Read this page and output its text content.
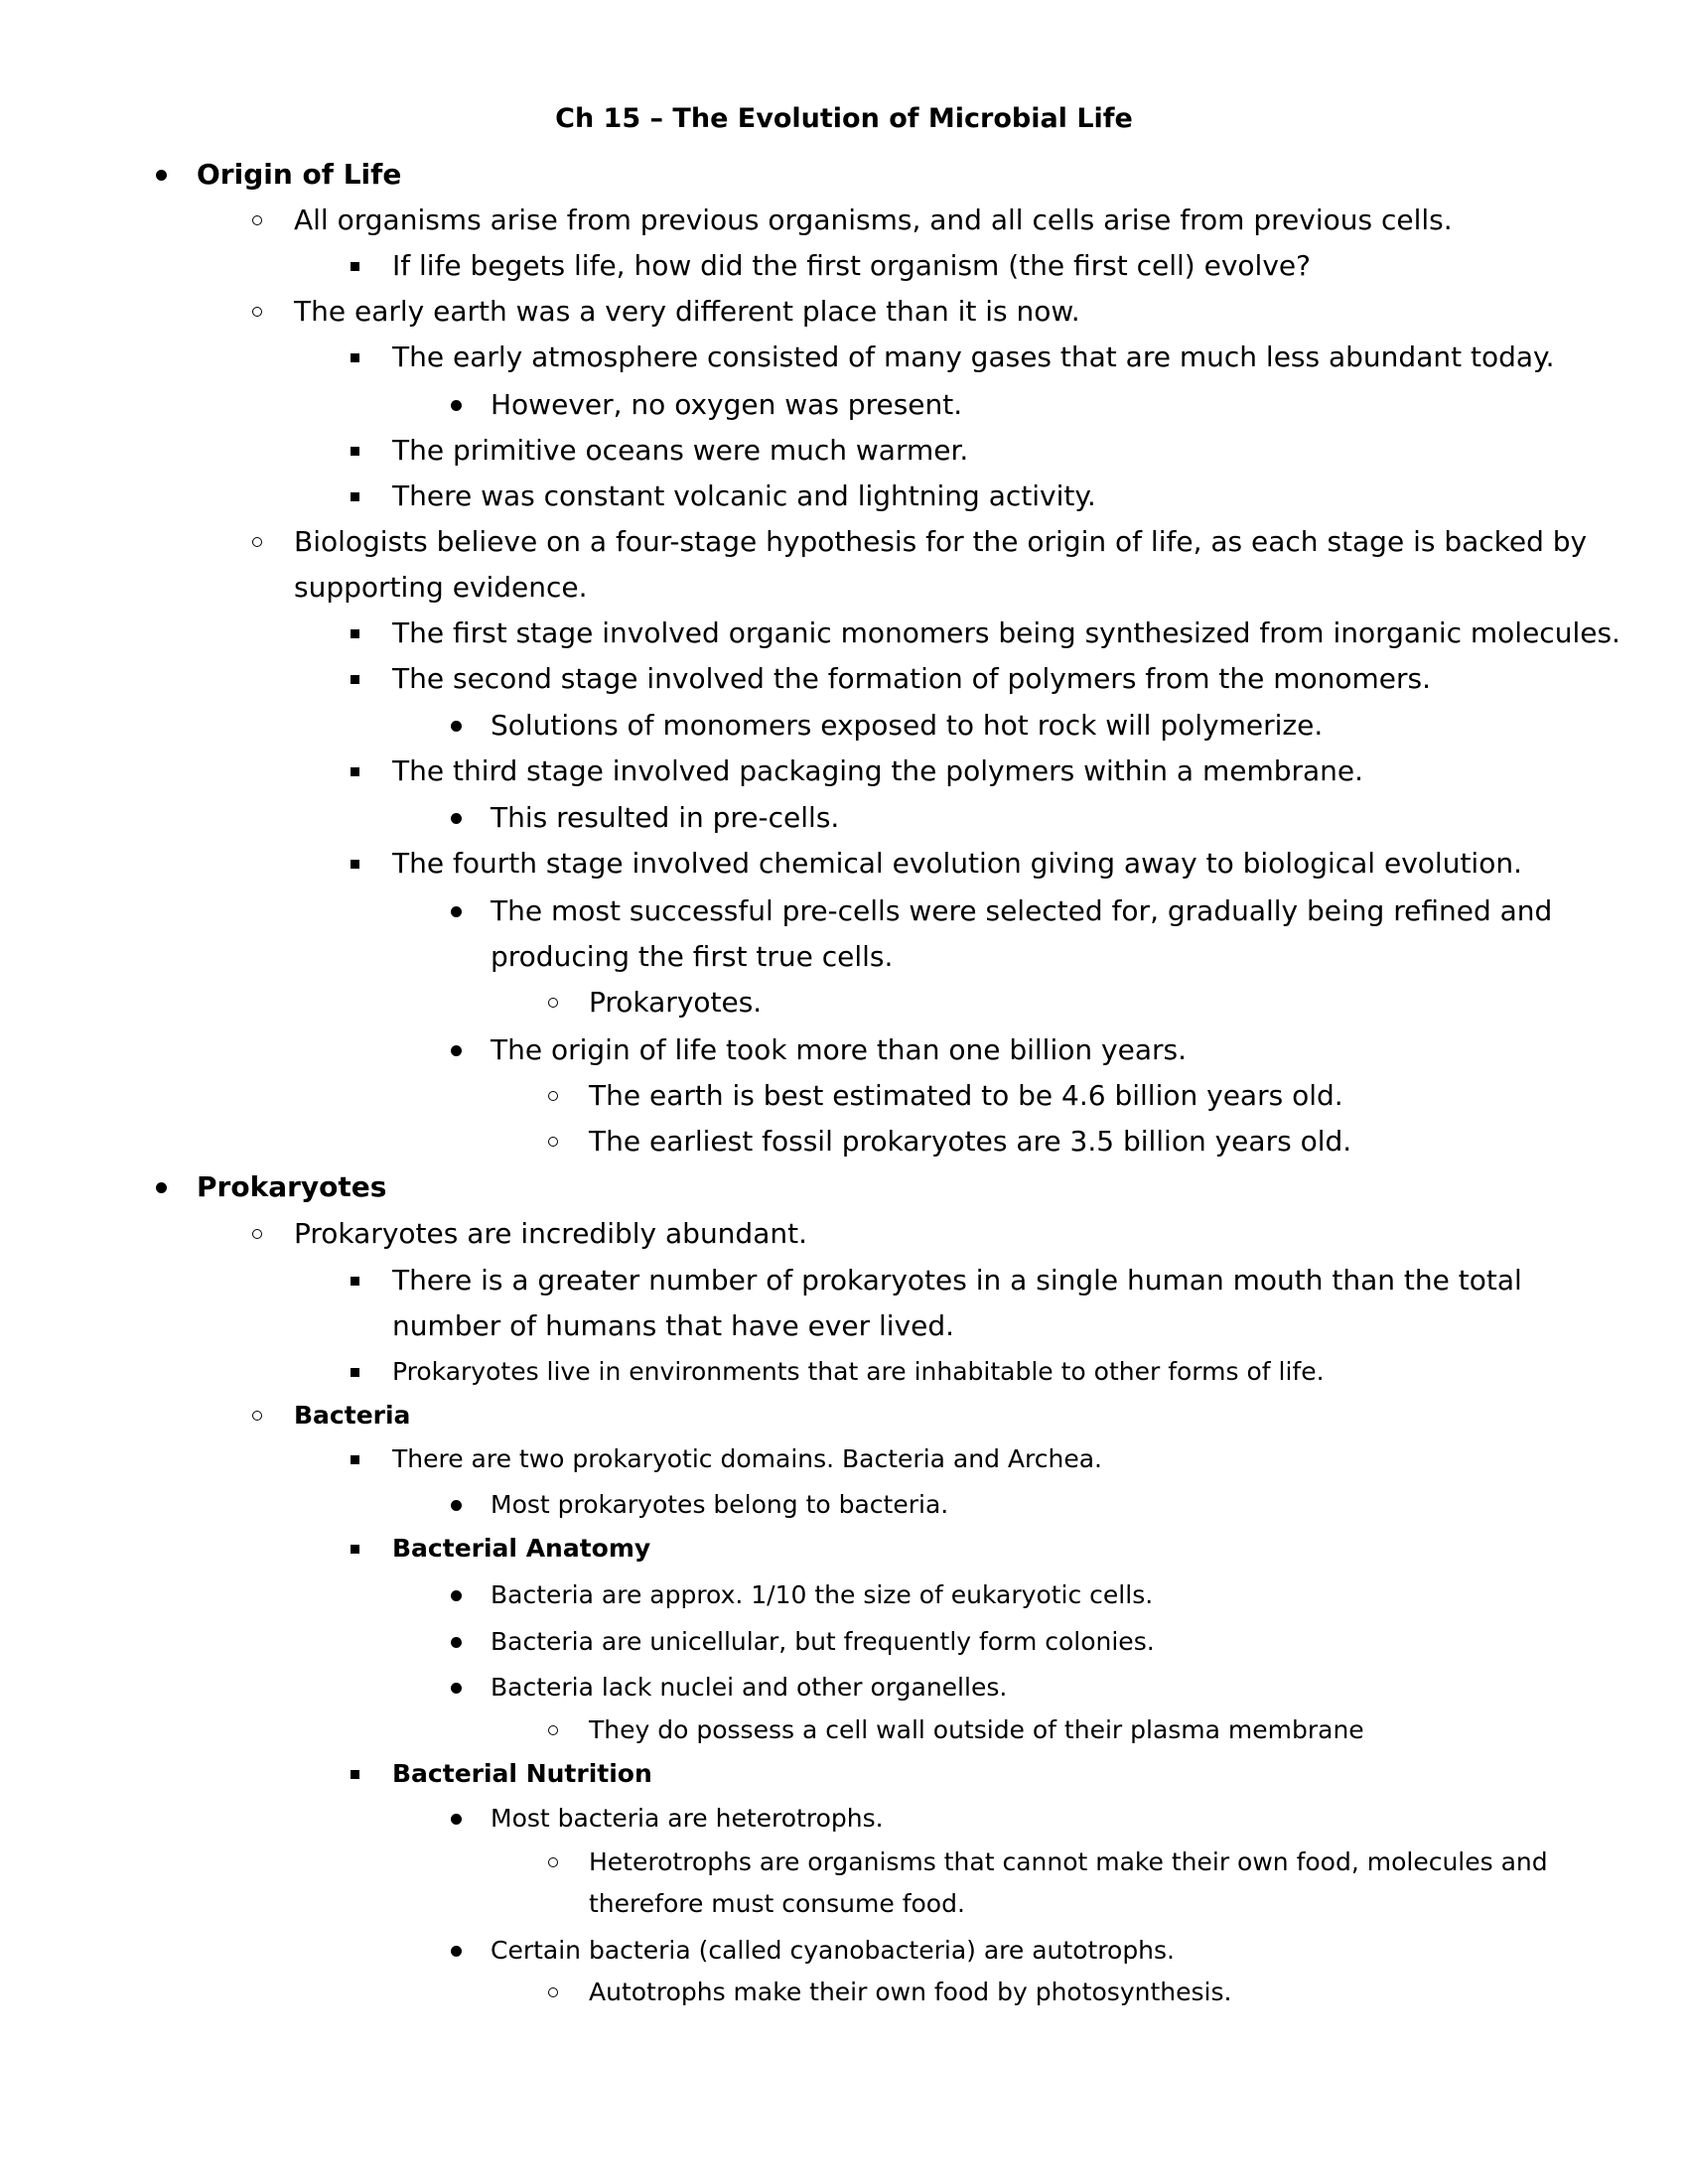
Ch 15 – The Evolution of Microbial Life
Origin of Life
All organisms arise from previous organisms, and all cells arise from previous cells.
If life begets life, how did the first organism (the first cell) evolve?
The early earth was a very different place than it is now.
The early atmosphere consisted of many gases that are much less abundant today.
However, no oxygen was present.
The primitive oceans were much warmer.
There was constant volcanic and lightning activity.
Biologists believe on a four-stage hypothesis for the origin of life, as each stage is backed by
supporting evidence.
The first stage involved organic monomers being synthesized from inorganic molecules.
The second stage involved the formation of polymers from the monomers.
Solutions of monomers exposed to hot rock will polymerize.
The third stage involved packaging the polymers within a membrane.
This resulted in pre-cells.
The fourth stage involved chemical evolution giving away to biological evolution.
The most successful pre-cells were selected for, gradually being refined and
producing the first true cells.
Prokaryotes.
The origin of life took more than one billion years.
The earth is best estimated to be 4.6 billion years old.
The earliest fossil prokaryotes are 3.5 billion years old.
Prokaryotes
Prokaryotes are incredibly abundant.
There is a greater number of prokaryotes in a single human mouth than the total
number of humans that have ever lived.
Prokaryotes live in environments that are inhabitable to other forms of life.
Bacteria
There are two prokaryotic domains. Bacteria and Archea.
Most prokaryotes belong to bacteria.
Bacterial Anatomy
Bacteria are approx. 1/10 the size of eukaryotic cells.
Bacteria are unicellular, but frequently form colonies.
Bacteria lack nuclei and other organelles.
They do possess a cell wall outside of their plasma membrane
Bacterial Nutrition
Most bacteria are heterotrophs.
Heterotrophs are organisms that cannot make their own food, molecules and
therefore must consume food.
Certain bacteria (called cyanobacteria) are autotrophs.
Autotrophs make their own food by photosynthesis.
